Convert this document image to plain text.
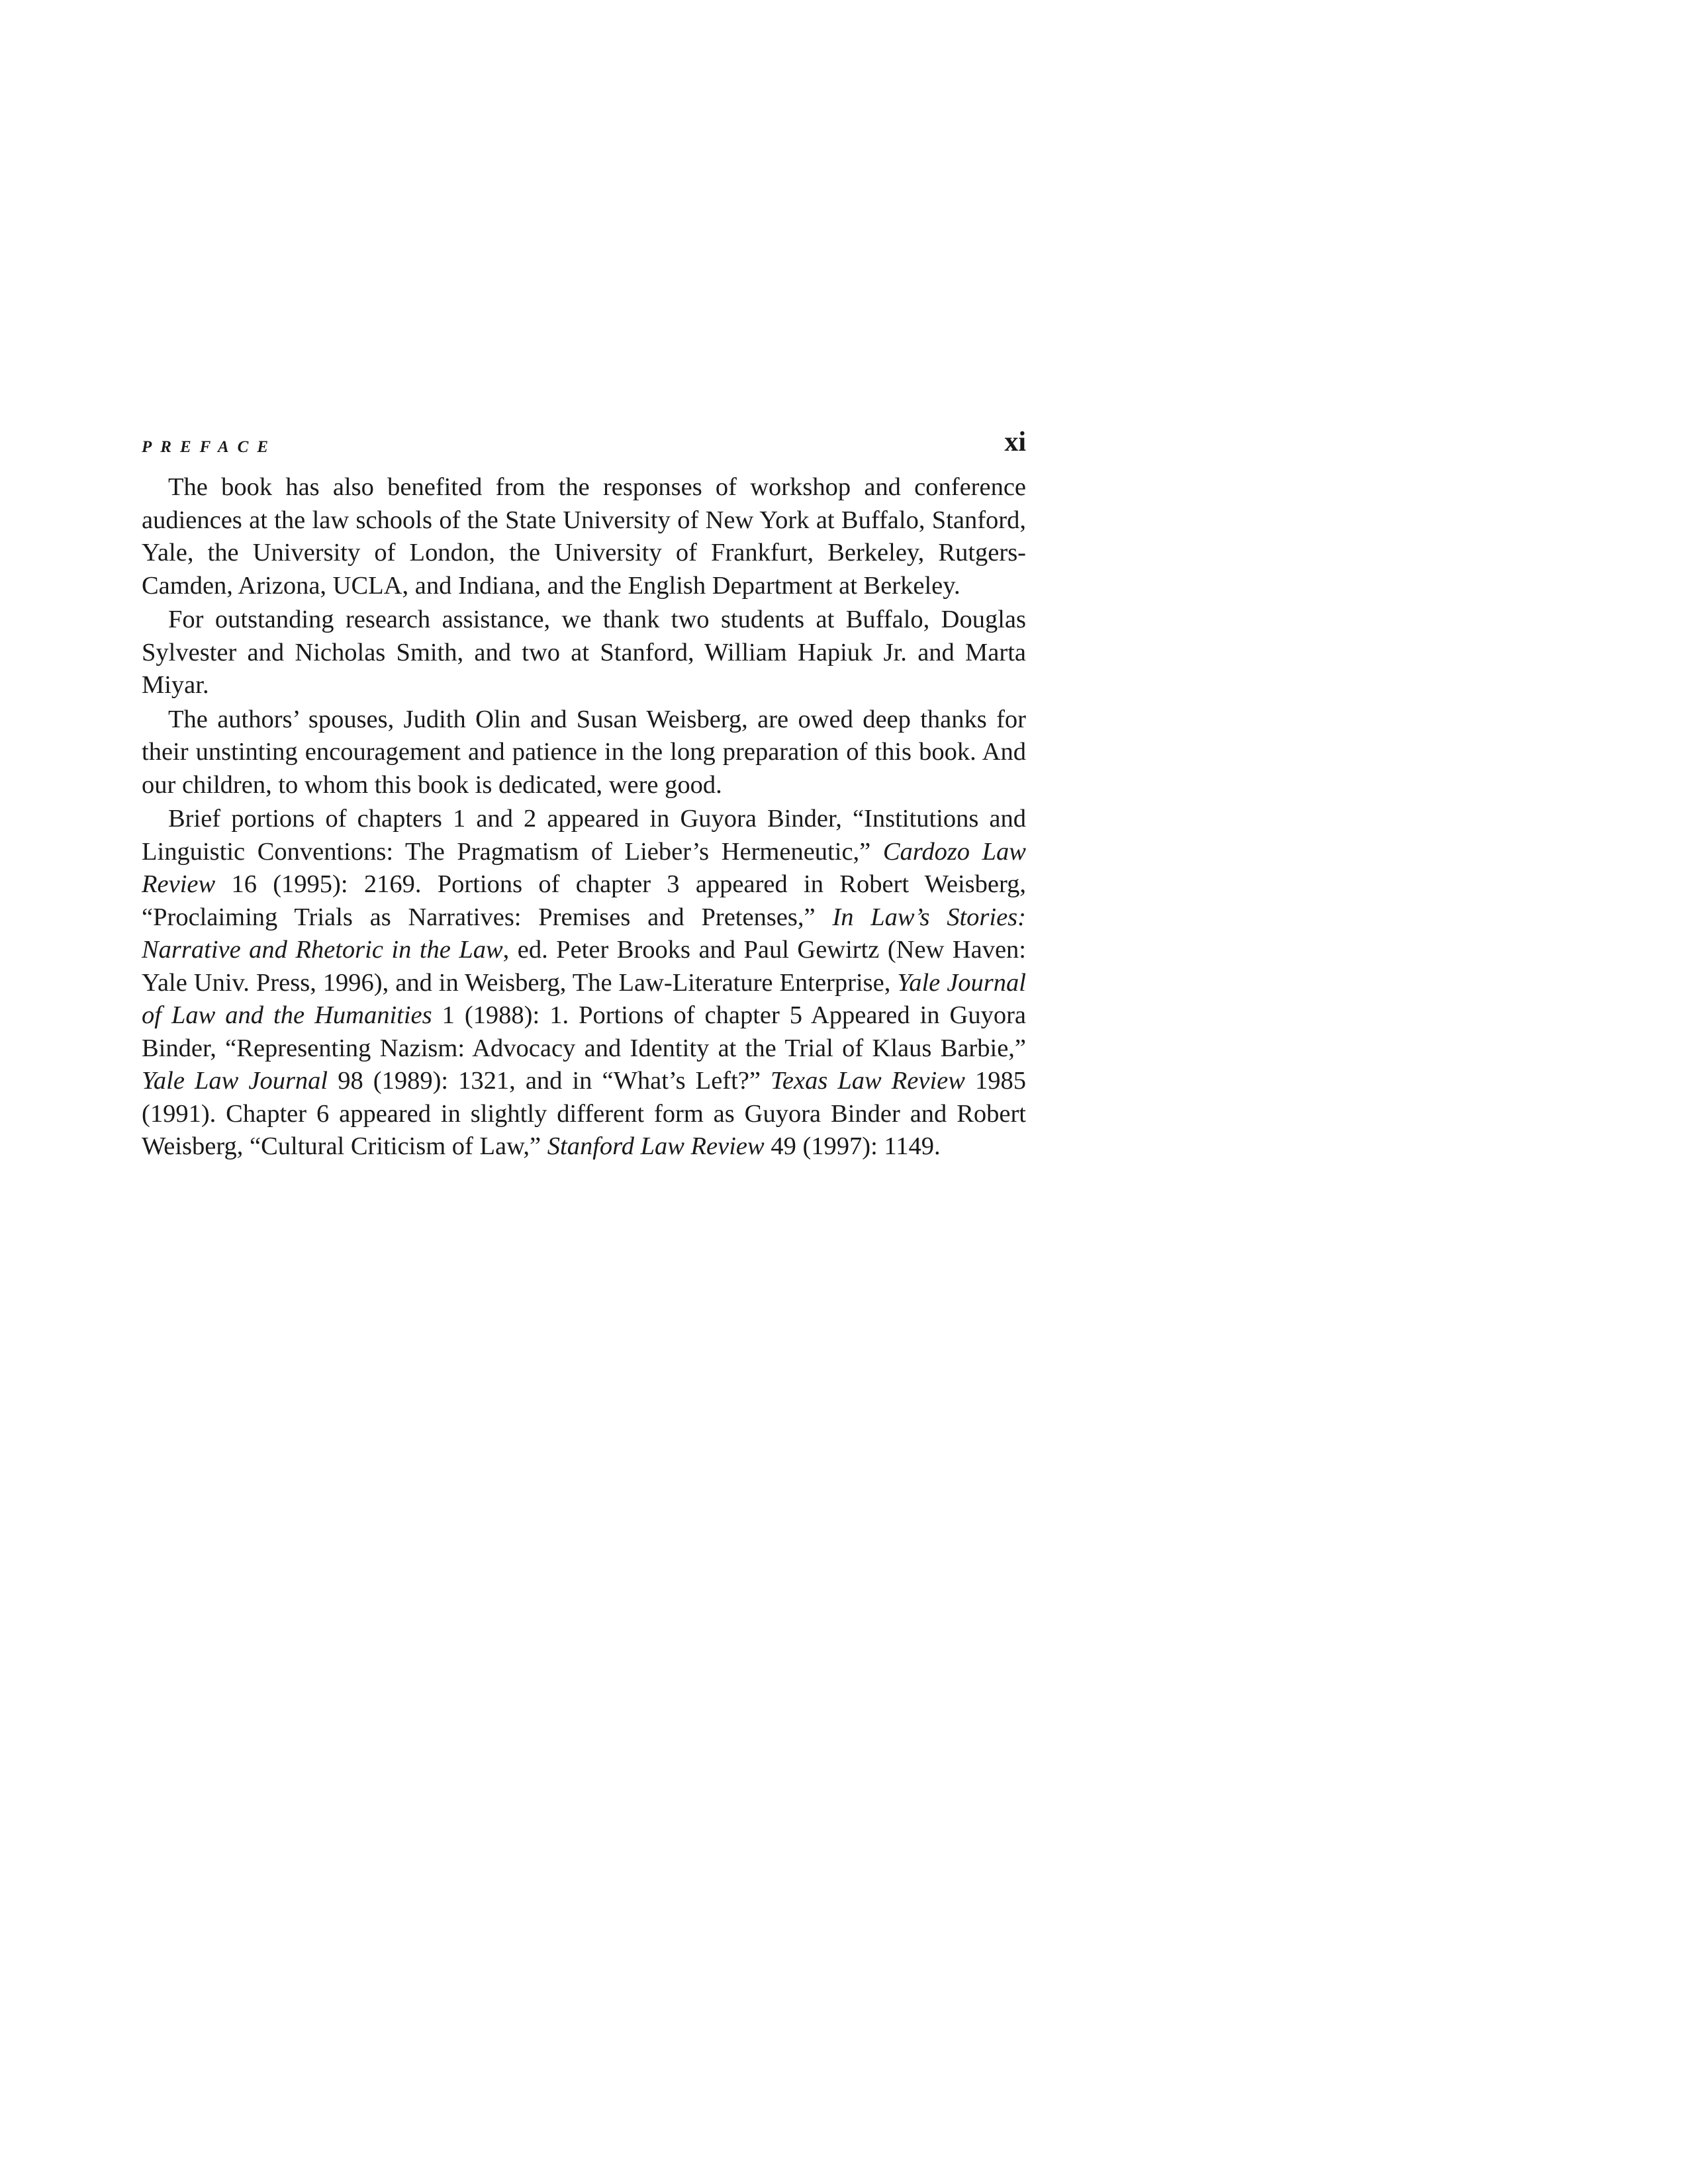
PREFACE	xi

The book has also benefited from the responses of workshop and conference audiences at the law schools of the State University of New York at Buffalo, Stanford, Yale, the University of London, the University of Frankfurt, Berkeley, Rutgers-Camden, Arizona, UCLA, and Indiana, and the English Department at Berkeley.

For outstanding research assistance, we thank two students at Buffalo, Douglas Sylvester and Nicholas Smith, and two at Stanford, William Hapiuk Jr. and Marta Miyar.

The authors’ spouses, Judith Olin and Susan Weisberg, are owed deep thanks for their unstinting encouragement and patience in the long preparation of this book. And our children, to whom this book is dedicated, were good.

Brief portions of chapters 1 and 2 appeared in Guyora Binder, “Institutions and Linguistic Conventions: The Pragmatism of Lieber’s Hermeneutic,” Cardozo Law Review 16 (1995): 2169. Portions of chapter 3 appeared in Robert Weisberg, “Proclaiming Trials as Narratives: Premises and Pretenses,” In Law’s Stories: Narrative and Rhetoric in the Law, ed. Peter Brooks and Paul Gewirtz (New Haven: Yale Univ. Press, 1996), and in Weisberg, The Law-Literature Enterprise, Yale Journal of Law and the Humanities 1 (1988): 1. Portions of chapter 5 Appeared in Guyora Binder, “Representing Nazism: Advocacy and Identity at the Trial of Klaus Barbie,” Yale Law Journal 98 (1989): 1321, and in “What’s Left?” Texas Law Review 1985 (1991). Chapter 6 appeared in slightly different form as Guyora Binder and Robert Weisberg, “Cultural Criticism of Law,” Stanford Law Review 49 (1997): 1149.
